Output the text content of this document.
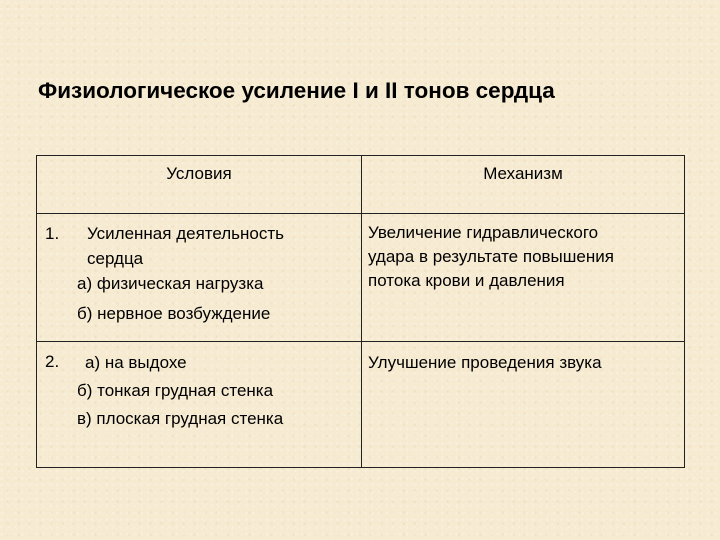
Физиологическое усиление I и II тонов сердца
Условия	Механизм
1. Усиленная деятельность
сердца
а) физическая нагрузка
б) нервное возбуждение
Увеличение гидравлического
удара в результате повышения
потока крови и давления
2.	а) на выдохе
б) тонкая грудная стенка
в) плоская грудная стенка
Улучшение проведения звука
